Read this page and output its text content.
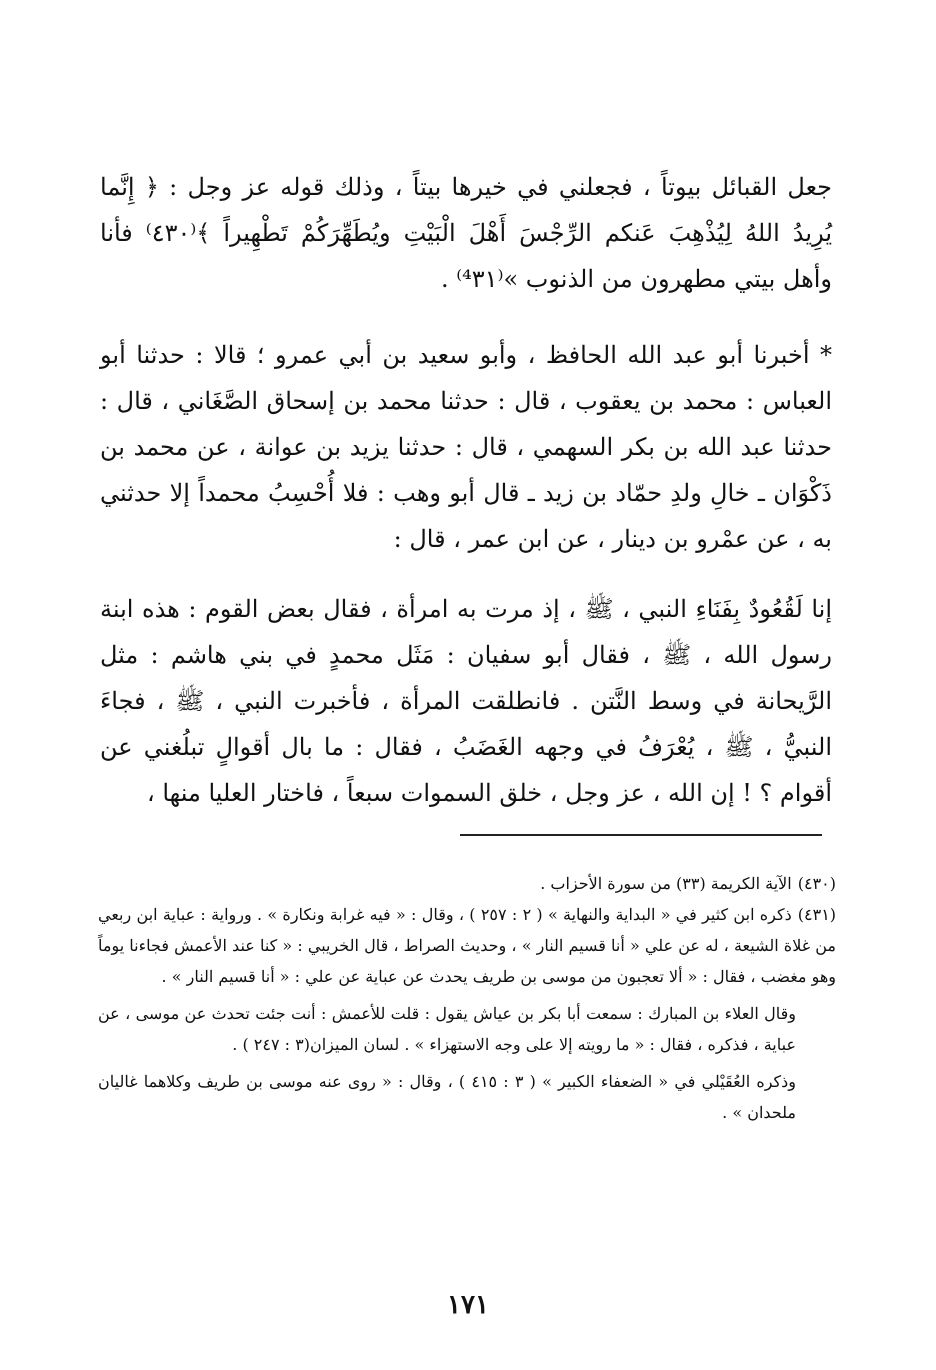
جعل القبائل بيوتاً ، فجعلني في خيرها بيتاً ، وذلك قوله عز وجل : ﴿ إِنَّما يُرِيدُ اللهُ لِيُذْهِبَ عَنكم الرِّجْسَ أَهْلَ الْبَيْتِ ويُطَهِّرَكُمْ تَطْهِيراً ﴾⁽٤٣٠⁾ فأنا وأهل بيتي مطهرون من الذنوب »⁽⁴٣١⁾ .

* أخبرنا أبو عبد الله الحافظ ، وأبو سعيد بن أبي عمرو ؛ قالا : حدثنا أبو العباس : محمد بن يعقوب ، قال : حدثنا محمد بن إسحاق الصَّغَاني ، قال : حدثنا عبد الله بن بكر السهمي ، قال : حدثنا يزيد بن عوانة ، عن محمد بن ذَكْوَان ـ خالِ ولدِ حمّاد بن زيد ـ قال أبو وهب : فلا أُحْسِبُ محمداً إلا حدثني به ، عن عمْرو بن دينار ، عن ابن عمر ، قال :

إنا لَقُعُودٌ بِفَنَاءِ النبي ، ﷺ ، إذ مرت به امرأة ، فقال بعض القوم : هذه ابنة رسول الله ، ﷺ ، فقال أبو سفيان : مَثَل محمدٍ في بني هاشم : مثل الرَّيحانة في وسط النَّتن . فانطلقت المرأة ، فأخبرت النبي ، ﷺ ، فجاءَ النبيُّ ، ﷺ ، يُعْرَفُ في وجهه الغَضَبُ ، فقال : ما بال أقوالٍ تبلُغني عن أقوام ؟ ! إن الله ، عز وجل ، خلق السموات سبعاً ، فاختار العليا منها ،

(٤٣٠)الآية الكريمة (٣٣) من سورة الأحزاب .

(٤٣١)ذكره ابن كثير في « البداية والنهاية » ( ٢ : ٢٥٧ ) ، وقال : « فيه غرابة ونكارة » . ورواية : عباية ابن ربعي من غلاة الشيعة ، له عن علي « أنا قسيم النار » ، وحديث الصراط ، قال الخريبي : « كنا عند الأعمش فجاءنا يوماً وهو مغضب ، فقال : « ألا تعجبون من موسى بن طريف يحدث عن عباية عن علي : « أنا قسيم النار » .

وقال العلاء بن المبارك : سمعت أبا بكر بن عياش يقول : قلت للأعمش : أنت جئت تحدث عن موسى ، عن عباية ، فذكره ، فقال : « ما رويته إلا على وجه الاستهزاء » . لسان الميزان(٣ : ٢٤٧ ) .

وذكره العُقَيْلي في « الضعفاء الكبير » ( ٣ : ٤١٥ ) ، وقال : « روى عنه موسى بن طريف وكلاهما غاليان ملحدان » .

١٧١
